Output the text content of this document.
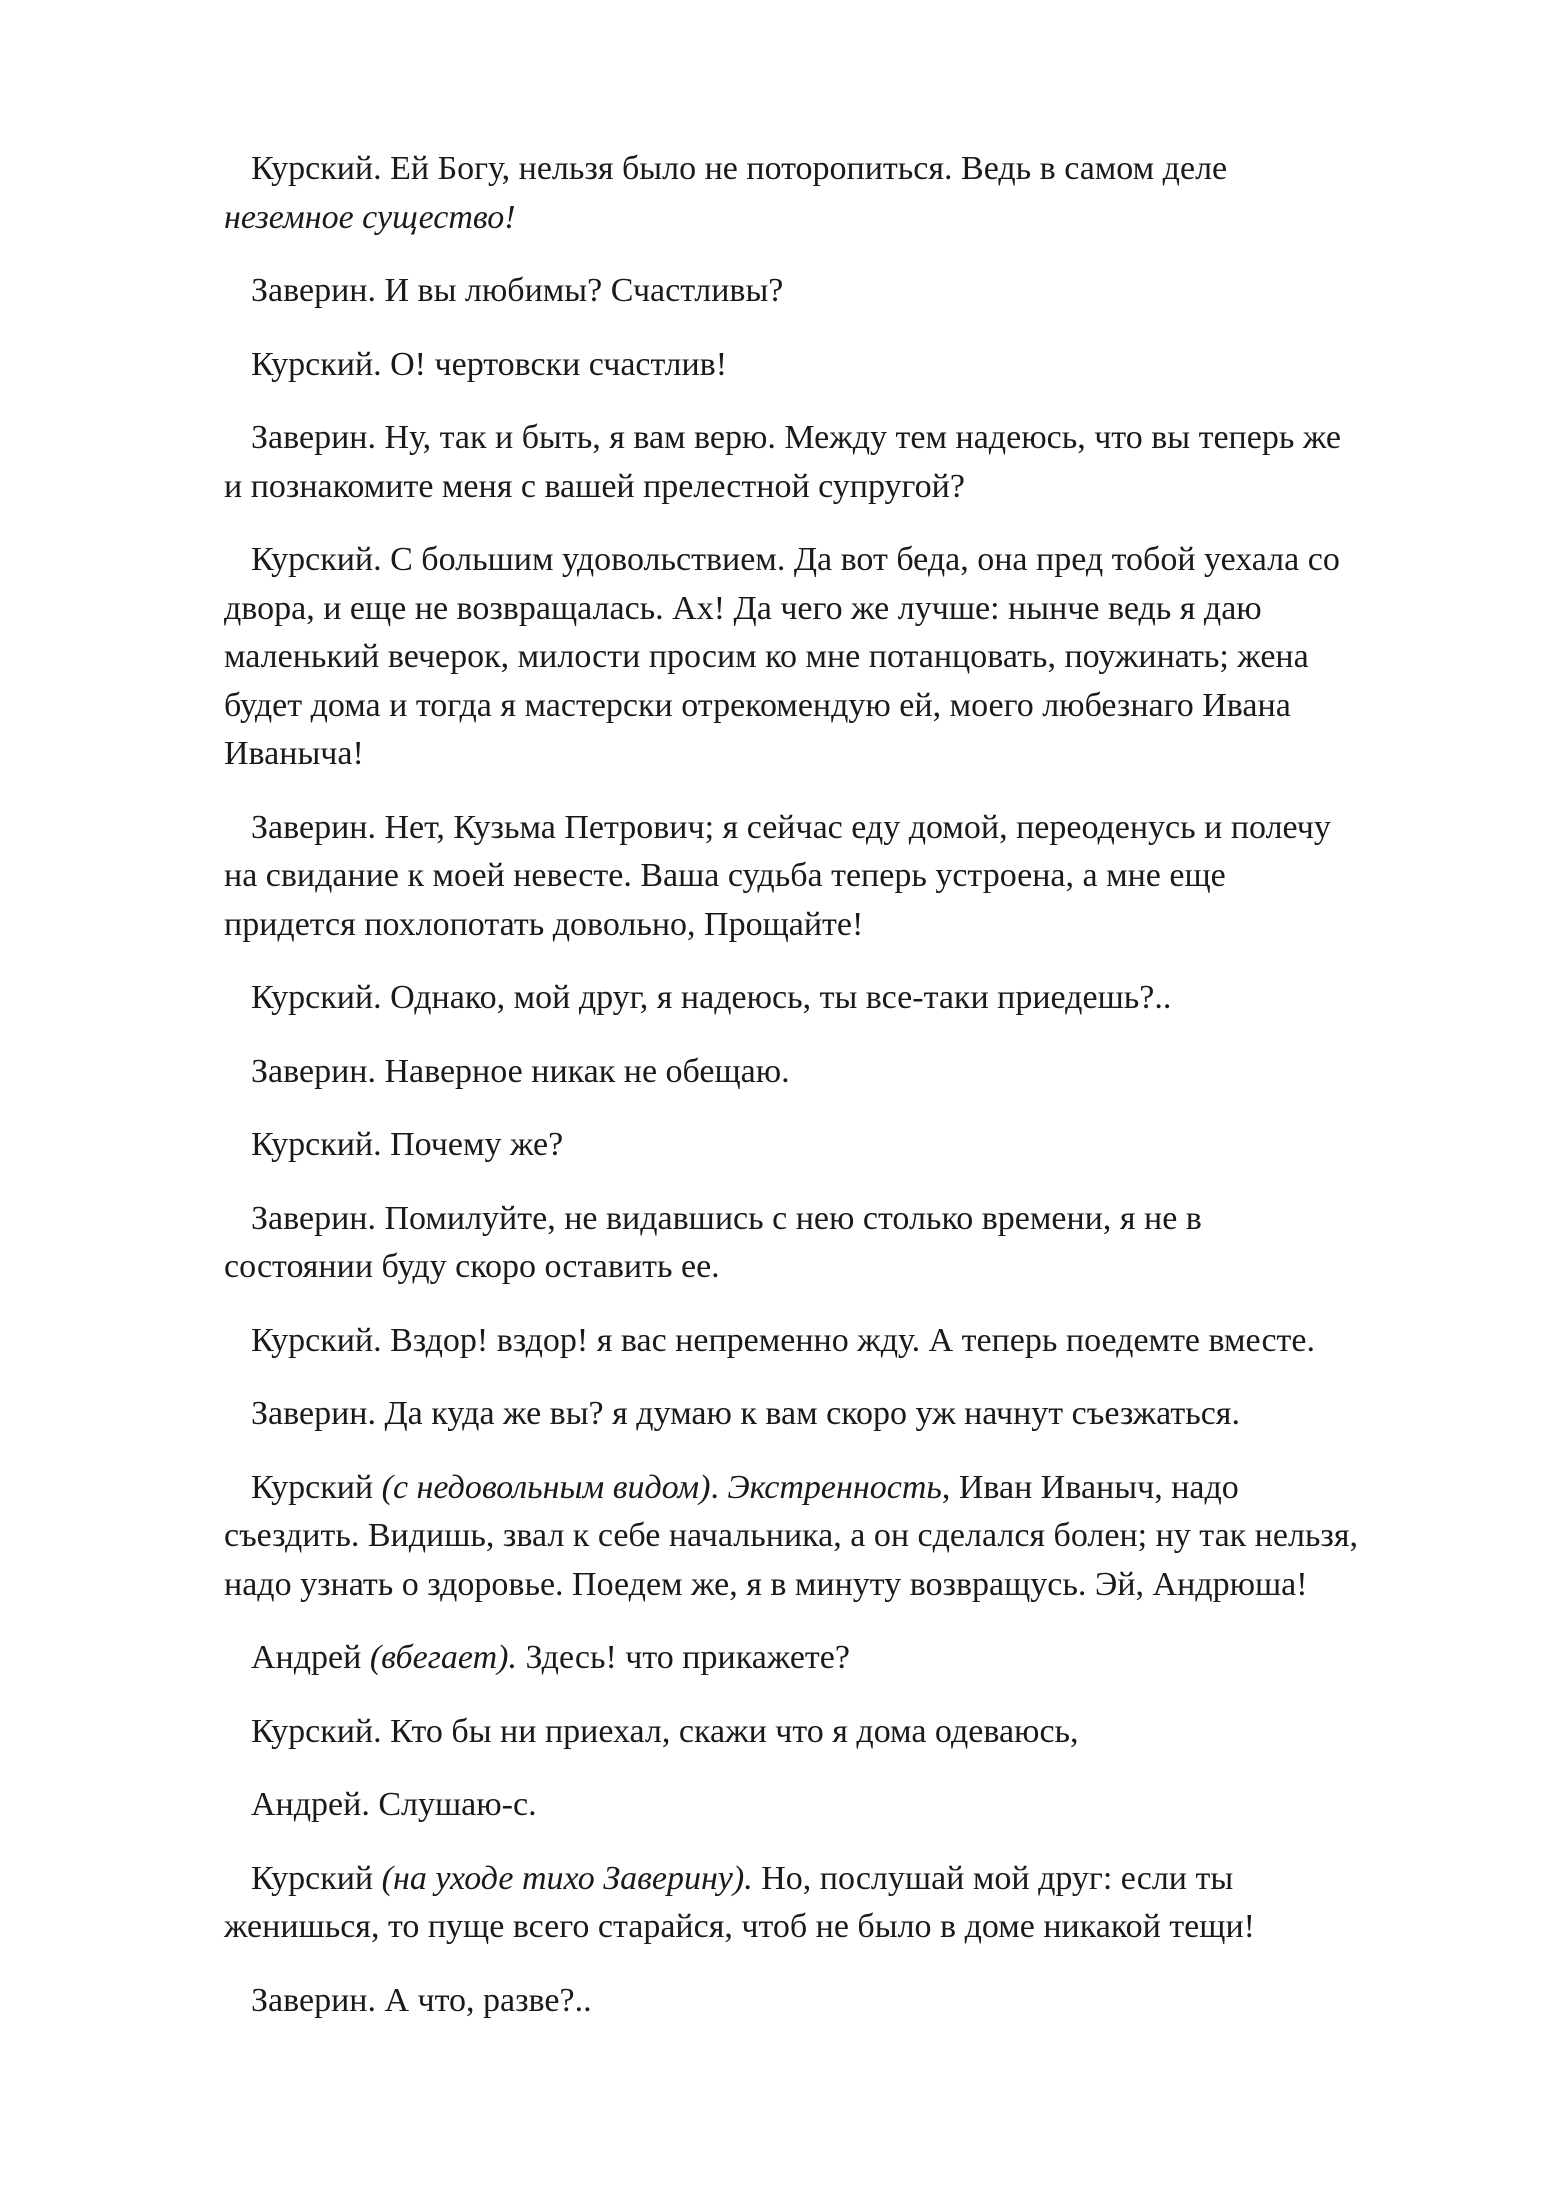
Курский. Ей Богу, нельзя было не поторопиться. Ведь в самом деле
неземное существо!

Заверин. И вы любимы? Счастливы?

Курский. О! чертовски счастлив!

Заверин. Ну, так и быть, я вам верю. Между тем надеюсь, что вы теперь же
и познакомите меня с вашей прелестной супругой?

Курский. С большим удовольствием. Да вот беда, она пред тобой уехала со
двора, и еще не возвращалась. Ах! Да чего же лучше: нынче ведь я даю
маленький вечерок, милости просим ко мне потанцовать, поужинать; жена
будет дома и тогда я мастерски отрекомендую ей, моего любезнаго Ивана
Иваныча!

Заверин. Нет, Кузьма Петрович; я сейчас еду домой, переоденусь и полечу
на свидание к моей невесте. Ваша судьба теперь устроена, а мне еще
придется похлопотать довольно, Прощайте!

Курский. Однако, мой друг, я надеюсь, ты все-таки приедешь?..

Заверин. Наверное никак не обещаю.

Курский. Почему же?

Заверин. Помилуйте, не видавшись с нею столько времени, я не в
состоянии буду скоро оставить ее.

Курский. Вздор! вздор! я вас непременно жду. А теперь поедемте вместе.

Заверин. Да куда же вы? я думаю к вам скоро уж начнут съезжаться.

Курский (с недовольным видом). Экстренность, Иван Иваныч, надо
съездить. Видишь, звал к себе начальника, а он сделался болен; ну так нельзя,
надо узнать о здоровье. Поедем же, я в минуту возвращусь. Эй, Андрюша!

Андрей (вбегает). Здесь! что прикажете?

Курский. Кто бы ни приехал, скажи что я дома одеваюсь,

Андрей. Слушаю-с.

Курский (на уходе тихо Заверину). Но, послушай мой друг: если ты
женишься, то пуще всего старайся, чтоб не было в доме никакой тещи!

Заверин. А что, разве?..
